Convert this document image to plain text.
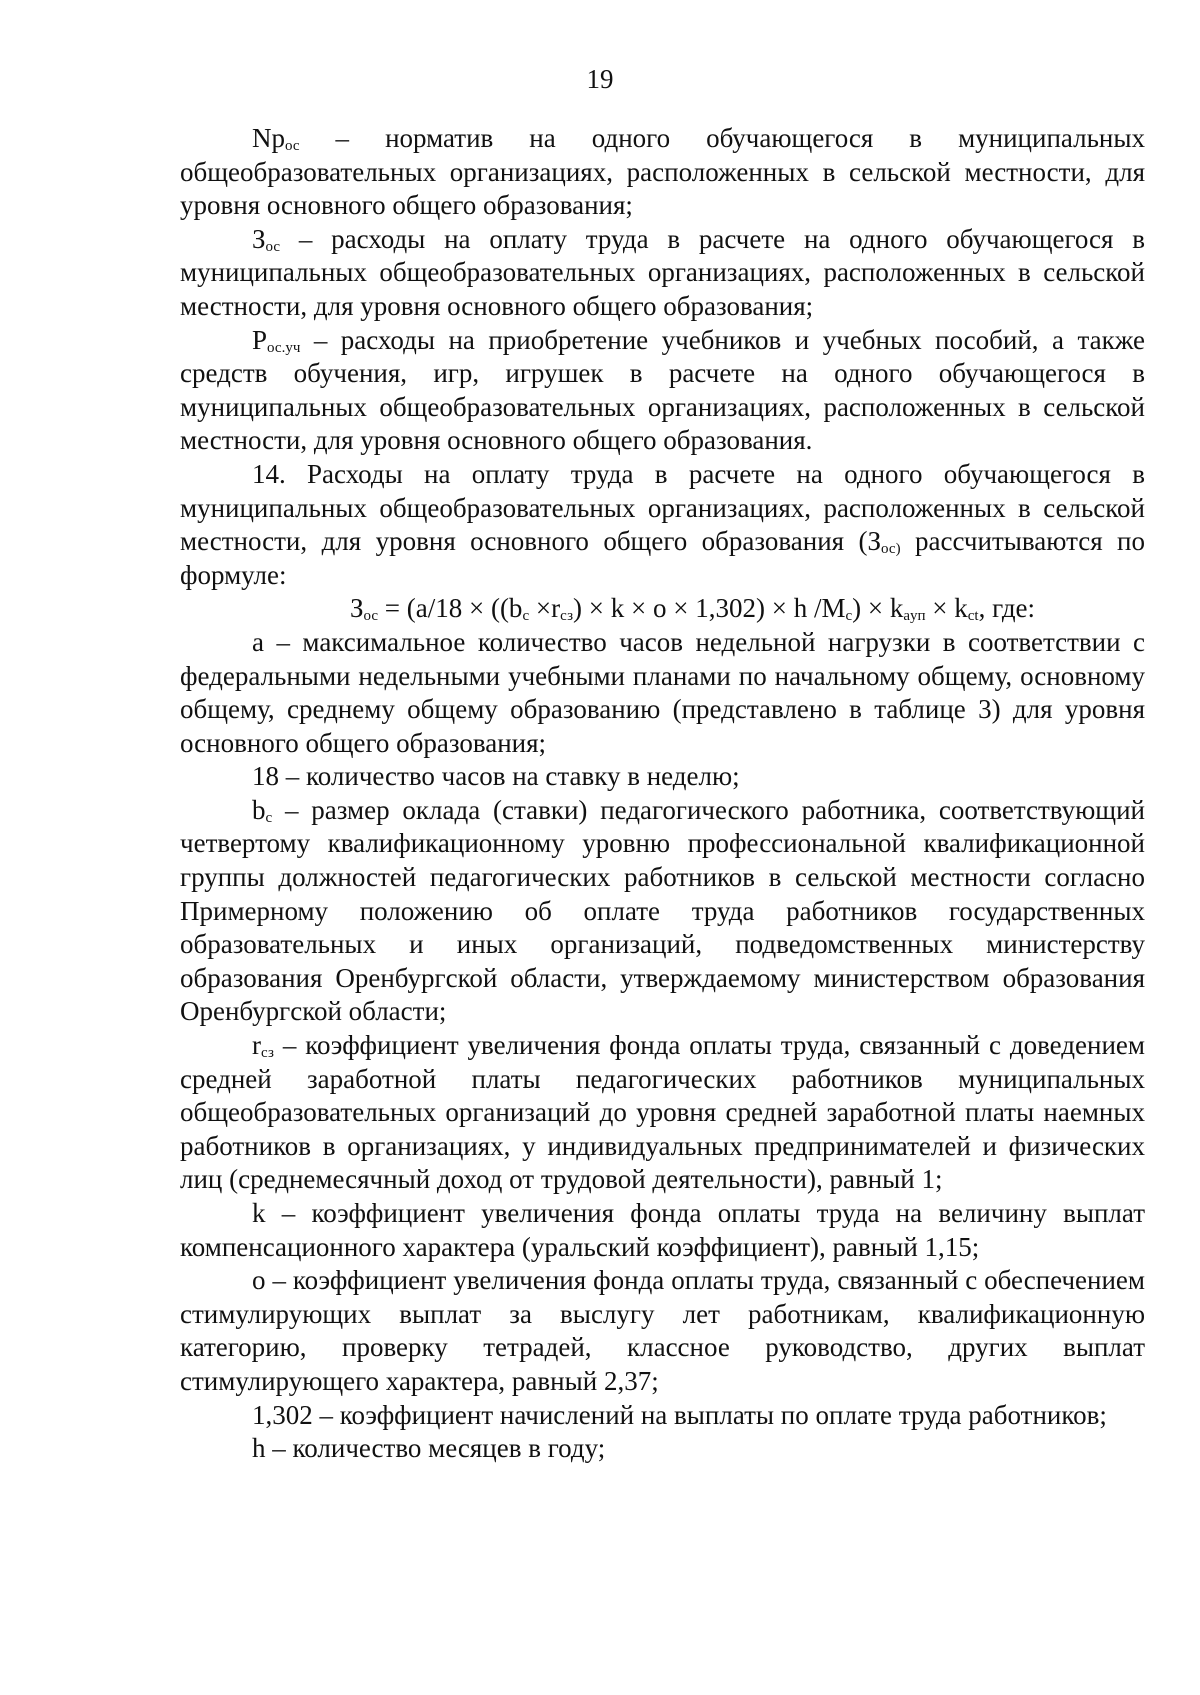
19

$Np_{ос}$ – норматив на одного обучающегося в муниципальных общеобразовательных организациях, расположенных в сельской местности, для уровня основного общего образования;

$З_{ос}$ – расходы на оплату труда в расчете на одного обучающегося в муниципальных общеобразовательных организациях, расположенных в сельской местности, для уровня основного общего образования;

$Р_{ос.уч}$ – расходы на приобретение учебников и учебных пособий, а также средств обучения, игр, игрушек в расчете на одного обучающегося в муниципальных общеобразовательных организациях, расположенных в сельской местности, для уровня основного общего образования.

14. Расходы на оплату труда в расчете на одного обучающегося в муниципальных общеобразовательных организациях, расположенных в сельской местности, для уровня основного общего образования ($З_{ос)}$ рассчитываются по формуле:

$З_{ос} = (a/18 \times ((b_с \times r_{сз}) \times k \times o \times 1,302) \times h$ $/M_с) \times k_{аyп} \times k_{ct}$, где:

а – максимальное количество часов недельной нагрузки в соответствии с федеральными недельными учебными планами по начальному общему, основному общему, среднему общему образованию (представлено в таблице 3) для уровня основного общего образования;

18 – количество часов на ставку в неделю;

$b_с$ – размер оклада (ставки) педагогического работника, соответствующий четвертому квалификационному уровню профессиональной квалификационной группы должностей педагогических работников в сельской местности согласно Примерному положению об оплате труда работников государственных образовательных и иных организаций, подведомственных министерству образования Оренбургской области, утверждаемому министерством образования Оренбургской области;

$r_{сз}$ – коэффициент увеличения фонда оплаты труда, связанный с доведением средней заработной платы педагогических работников муниципальных общеобразовательных организаций до уровня средней заработной платы наемных работников в организациях, у индивидуальных предпринимателей и физических лиц (среднемесячный доход от трудовой деятельности), равный 1;

k – коэффициент увеличения фонда оплаты труда на величину выплат компенсационного характера (уральский коэффициент), равный 1,15;

o – коэффициент увеличения фонда оплаты труда, связанный с обеспечением стимулирующих выплат за выслугу лет работникам, квалификационную категорию, проверку тетрадей, классное руководство, других выплат стимулирующего характера, равный 2,37;

1,302 – коэффициент начислений на выплаты по оплате труда работников;

h – количество месяцев в году;
